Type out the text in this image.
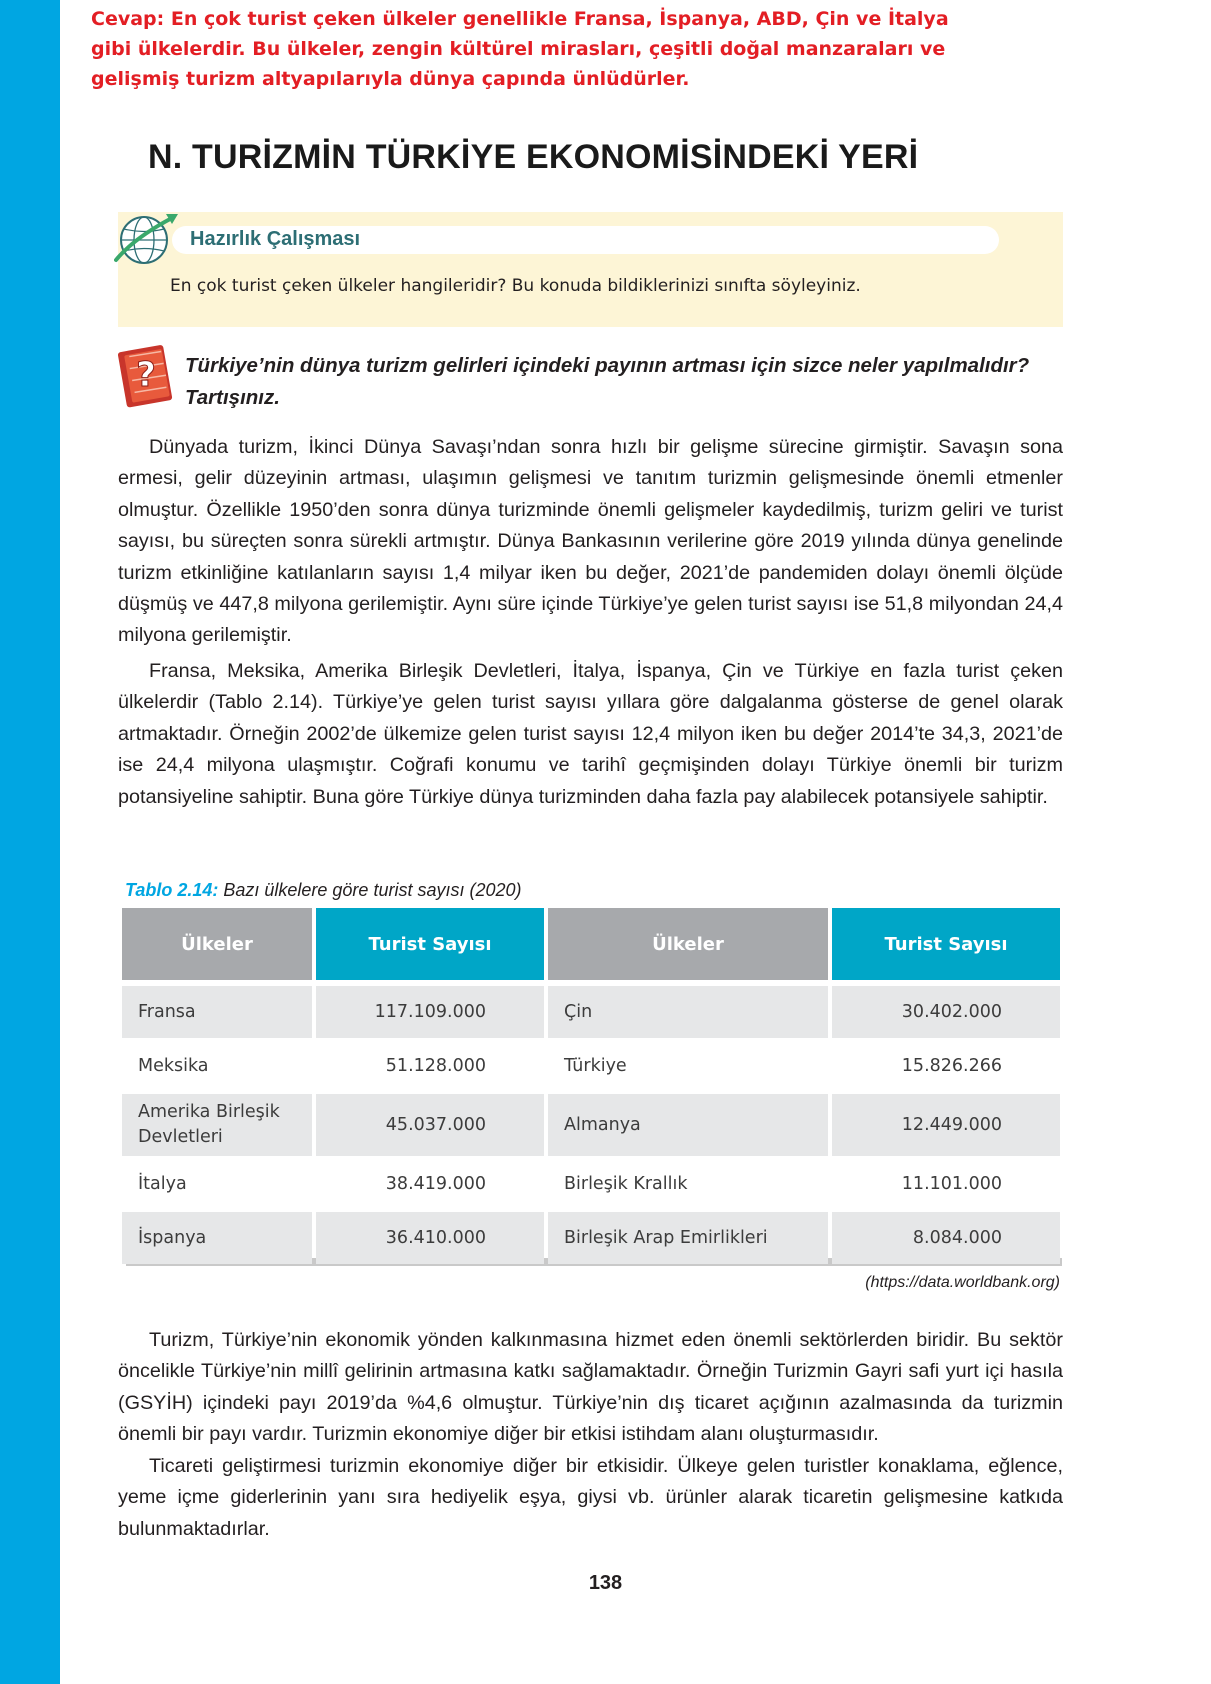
Cevap: En çok turist çeken ülkeler genellikle Fransa, İspanya, ABD, Çin ve İtalya gibi ülkelerdir. Bu ülkeler, zengin kültürel mirasları, çeşitli doğal manzaraları ve gelişmiş turizm altyapılarıyla dünya çapında ünlüdürler.

N. TURİZMİN TÜRKİYE EKONOMİSİNDEKİ YERİ
Hazırlık Çalışması

En çok turist çeken ülkeler hangileridir? Bu konuda bildiklerinizi sınıfta söyleyiniz.

? Türkiye’nin dünya turizm gelirleri içindeki payının artması için sizce neler yapılmalıdır? Tartışınız.

Dünyada turizm, İkinci Dünya Savaşı’ndan sonra hızlı bir gelişme sürecine girmiştir. Savaşın sona ermesi, gelir düzeyinin artması, ulaşımın gelişmesi ve tanıtım turizmin gelişmesinde önemli etmenler olmuştur. Özellikle 1950’den sonra dünya turizminde önemli gelişmeler kaydedilmiş, turizm geliri ve turist sayısı, bu süreçten sonra sürekli artmıştır. Dünya Bankasının verilerine göre 2019 yılında dünya genelinde turizm etkinliğine katılanların sayısı 1,4 milyar iken bu değer, 2021’de pandemiden dolayı önemli ölçüde düşmüş ve 447,8 milyona gerilemiştir. Aynı süre içinde Türkiye’ye gelen turist sayısı ise 51,8 milyondan 24,4 milyona gerilemiştir.

Fransa, Meksika, Amerika Birleşik Devletleri, İtalya, İspanya, Çin ve Türkiye en fazla turist çeken ülkelerdir (Tablo 2.14). Türkiye’ye gelen turist sayısı yıllara göre dalgalanma gösterse de genel olarak artmaktadır. Örneğin 2002’de ülkemize gelen turist sayısı 12,4 milyon iken bu değer 2014’te 34,3, 2021’de ise 24,4 milyona ulaşmıştır. Coğrafi konumu ve tarihî geçmişinden dolayı Türkiye önemli bir turizm potansiyeline sahiptir. Buna göre Türkiye dünya turizminden daha fazla pay alabilecek potansiyele sahiptir.

Tablo 2.14: Bazı ülkelere göre turist sayısı (2020)

Ülkeler	Turist Sayısı	Ülkeler	Turist Sayısı
Fransa	117.109.000	Çin	30.402.000
Meksika	51.128.000	Türkiye	15.826.266
Amerika Birleşik Devletleri
45.037.000	Almanya	12.449.000
İtalya	38.419.000	Birleşik Krallık	11.101.000
İspanya	36.410.000	Birleşik Arap Emirlikleri	8.084.000

(https://data.worldbank.org)

Turizm, Türkiye’nin ekonomik yönden kalkınmasına hizmet eden önemli sektörlerden biridir. Bu sektör öncelikle Türkiye’nin millî gelirinin artmasına katkı sağlamaktadır. Örneğin Turizmin Gayri safi yurt içi hasıla (GSYİH) içindeki payı 2019’da %4,6 olmuştur. Türkiye’nin dış ticaret açığının azalmasında da turizmin önemli bir payı vardır. Turizmin ekonomiye diğer bir etkisi istihdam alanı oluşturmasıdır.

Ticareti geliştirmesi turizmin ekonomiye diğer bir etkisidir. Ülkeye gelen turistler konaklama, eğlence, yeme içme giderlerinin yanı sıra hediyelik eşya, giysi vb. ürünler alarak ticaretin gelişmesine katkıda bulunmaktadırlar.

138
